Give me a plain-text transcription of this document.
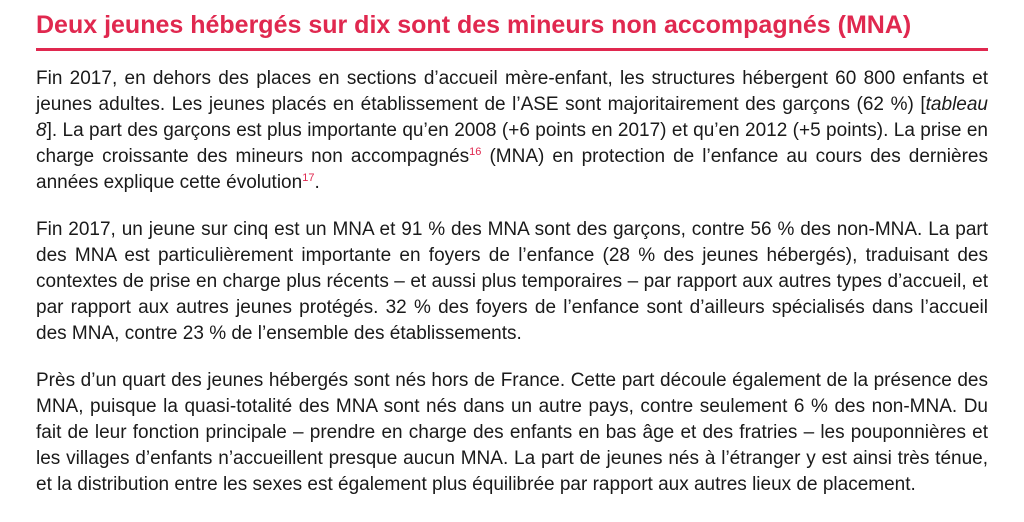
Deux jeunes hébergés sur dix sont des mineurs non accompagnés (MNA)

Fin 2017, en dehors des places en sections d’accueil mère-enfant, les structures hébergent 60 800 enfants et jeunes adultes. Les jeunes placés en établissement de l’ASE sont majoritairement des garçons (62 %) [tableau 8]. La part des garçons est plus importante qu’en 2008 (+6 points en 2017) et qu’en 2012 (+5 points). La prise en charge croissante des mineurs non accompagnés$^{16}$ (MNA) en protection de l’enfance au cours des dernières années explique cette évolution$^{17}$.

Fin 2017, un jeune sur cinq est un MNA et 91 % des MNA sont des garçons, contre 56 % des non-MNA. La part des MNA est particulièrement importante en foyers de l’enfance (28 % des jeunes hébergés), traduisant des contextes de prise en charge plus récents – et aussi plus temporaires – par rapport aux autres types d’accueil, et par rapport aux autres jeunes protégés. 32 % des foyers de l’enfance sont d’ailleurs spécialisés dans l’accueil des MNA, contre 23 % de l’ensemble des établissements.

Près d’un quart des jeunes hébergés sont nés hors de France. Cette part découle également de la présence des MNA, puisque la quasi-totalité des MNA sont nés dans un autre pays, contre seulement 6 % des non-MNA. Du fait de leur fonction principale – prendre en charge des enfants en bas âge et des fratries – les pouponnières et les villages d’enfants n’accueillent presque aucun MNA. La part de jeunes nés à l’étranger y est ainsi très ténue, et la distribution entre les sexes est également plus équilibrée par rapport aux autres lieux de placement.
